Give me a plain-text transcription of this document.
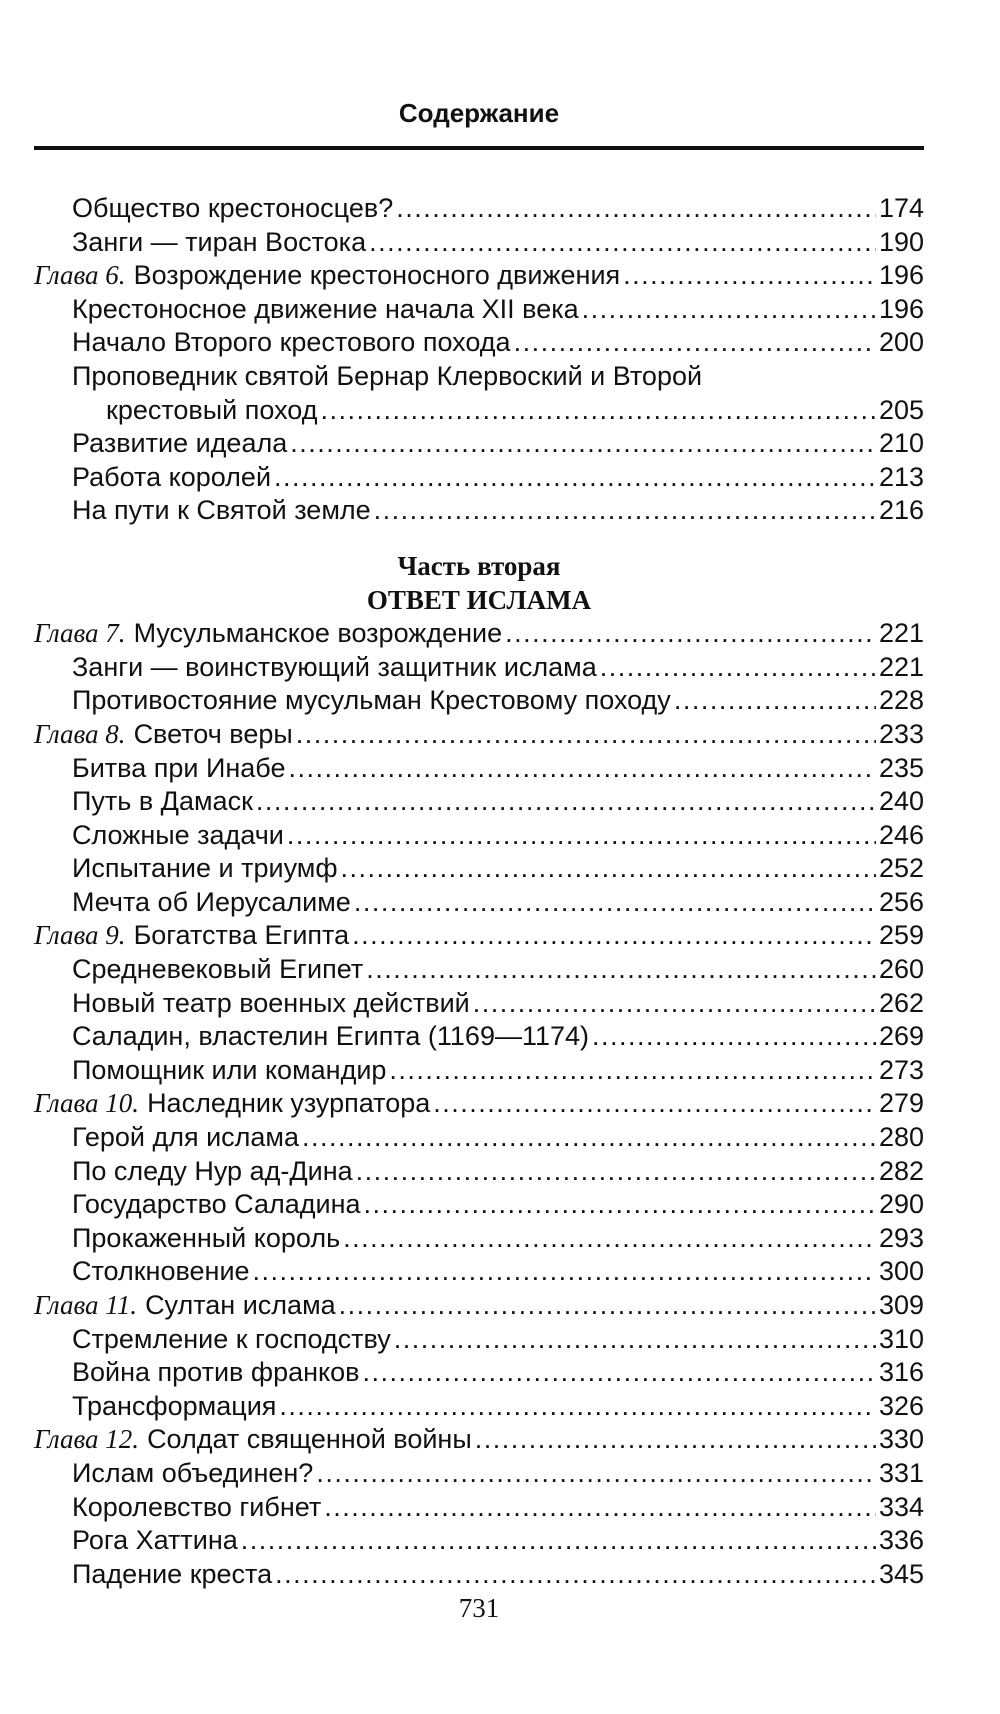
Содержание
Общество крестоносцев? .....	174
Занги — тиран Востока .....	190
Глава 6. Возрождение крестоносного движения .....	196
Крестоносное движение начала XII века .....	196
Начало Второго крестового похода .....	200
Проповедник святой Бернар Клервоский и Второй
крестовый поход .....	205
Развитие идеала .....	210
Работа королей .....	213
На пути к Святой земле .....	216
Часть вторая
ОТВЕТ ИСЛАМА
Глава 7. Мусульманское возрождение .....	221
Занги — воинствующий защитник ислама .....	221
Противостояние мусульман Крестовому походу .....	228
Глава 8. Светоч веры .....	233
Битва при Инабе .....	235
Путь в Дамаск .....	240
Сложные задачи .....	246
Испытание и триумф .....	252
Мечта об Иерусалиме .....	256
Глава 9. Богатства Египта .....	259
Средневековый Египет .....	260
Новый театр военных действий .....	262
Саладин, властелин Египта (1169—1174) .....	269
Помощник или командир .....	273
Глава 10. Наследник узурпатора .....	279
Герой для ислама .....	280
По следу Нур ад-Дина .....	282
Государство Саладина .....	290
Прокаженный король .....	293
Столкновение .....	300
Глава 11. Султан ислама .....	309
Стремление к господству .....	310
Война против франков .....	316
Трансформация .....	326
Глава 12. Солдат священной войны .....	330
Ислам объединен? .....	331
Королевство гибнет .....	334
Рога Хаттина .....	336
Падение креста .....	345
731
